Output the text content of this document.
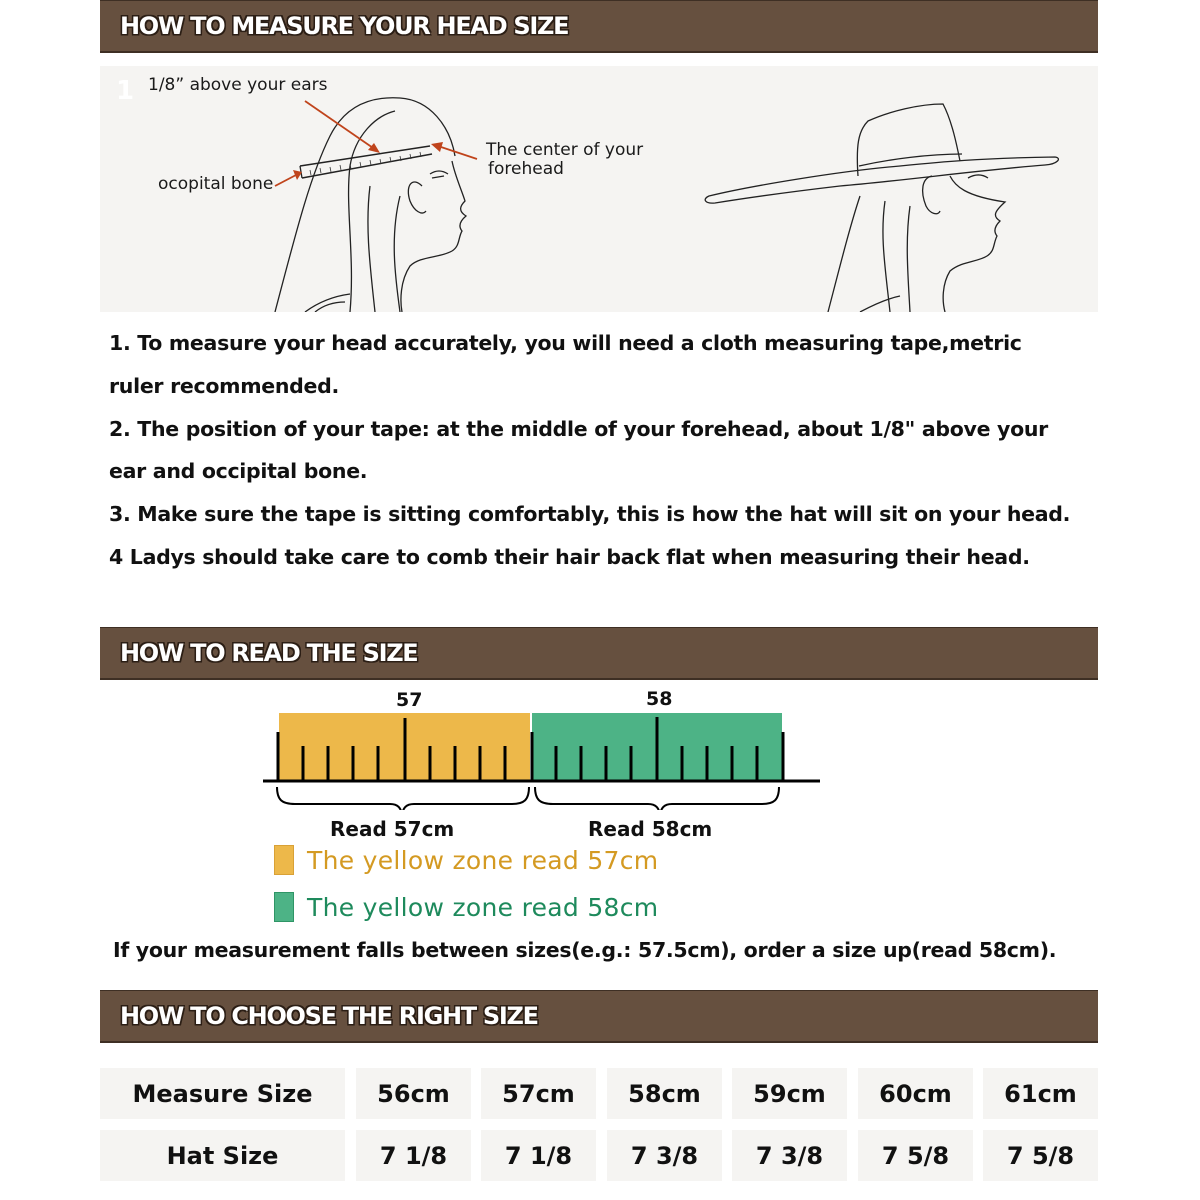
HOW TO MEASURE YOUR HEAD SIZE
1 1/8” above your ears
The center of your
forehead
ocopital bone

1. To measure your head accurately, you will need a cloth measuring tape,metric

ruler recommended.

2. The position of your tape: at the middle of your forehead, about 1/8" above your

ear and occipital bone.

3. Make sure the tape is sitting comfortably, this is how the hat will sit on your head.

4 Ladys should take care to comb their hair back flat when measuring their head.

HOW TO READ THE SIZE
57	58
Read 57cm	Read 58cm
The yellow zone read 57cm
The yellow zone read 58cm
If your measurement falls between sizes(e.g.: 57.5cm), order a size up(read 58cm).
HOW TO CHOOSE THE RIGHT SIZE
Measure Size	56cm	57cm	58cm	59cm	60cm	61cm
Hat Size	7 1/8	7 1/8	7 3/8	7 3/8	7 5/8	7 5/8
